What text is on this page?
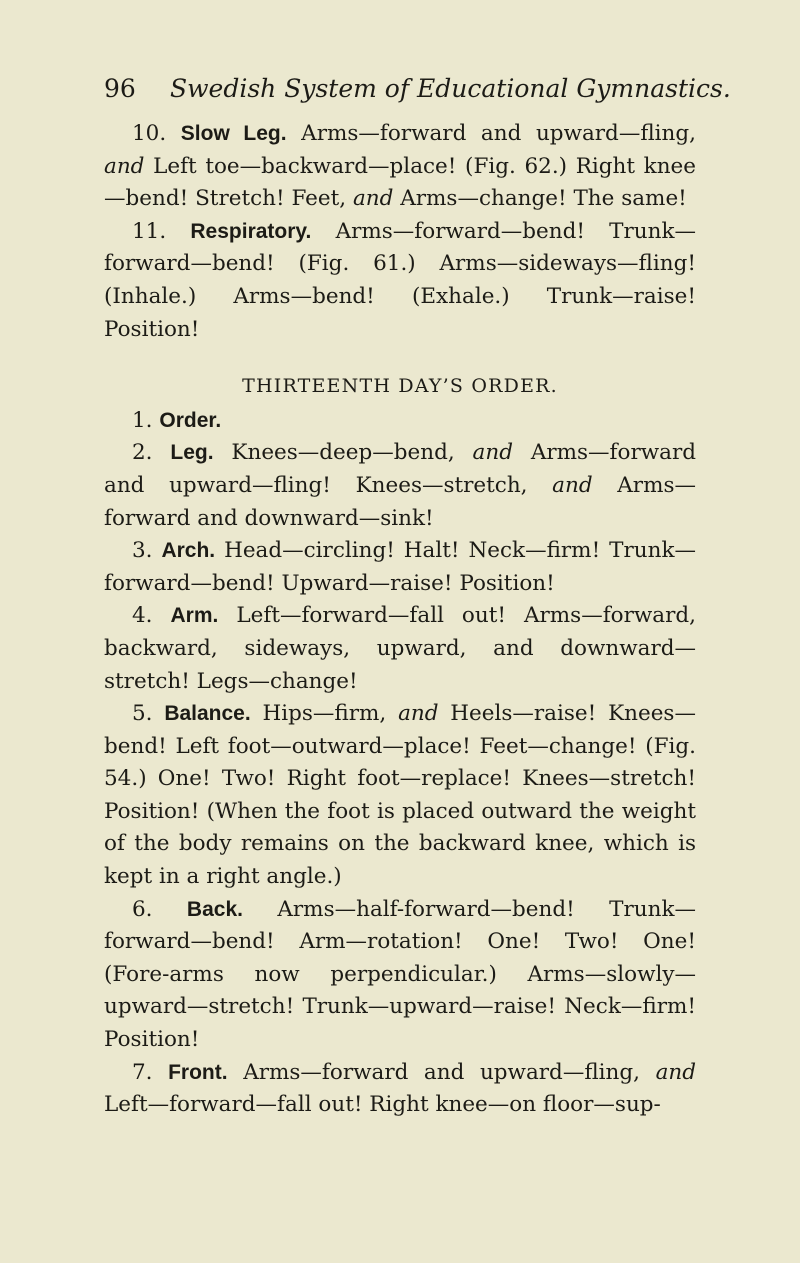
96 Swedish System of Educational Gymnastics.

10. Slow Leg. Arms—forward and upward—fling, and Left toe—backward—place! (Fig. 62.) Right knee—bend! Stretch! Feet, and Arms—change! The same!

11. Respiratory. Arms—forward—bend! Trunk—forward—bend! (Fig. 61.) Arms—sideways—fling! (Inhale.) Arms—bend! (Exhale.) Trunk—raise! Position!

THIRTEENTH DAY’S ORDER.

1. Order.

2. Leg. Knees—deep—bend, and Arms—forward and upward—fling! Knees—stretch, and Arms—forward and downward—sink!

3. Arch. Head—circling! Halt! Neck—firm! Trunk—forward—bend! Upward—raise! Position!

4. Arm. Left—forward—fall out! Arms—forward, backward, sideways, upward, and downward—stretch! Legs—change!

5. Balance. Hips—firm, and Heels—raise! Knees—bend! Left foot—outward—place! Feet—change! (Fig. 54.) One! Two! Right foot—replace! Knees—stretch! Position! (When the foot is placed outward the weight of the body remains on the backward knee, which is kept in a right angle.)

6. Back. Arms—half-forward—bend! Trunk—forward—bend! Arm—rotation! One! Two! One! (Fore-arms now perpendicular.) Arms—slowly—upward—stretch! Trunk—upward—raise! Neck—firm! Position!

7. Front. Arms—forward and upward—fling, and Left—forward—fall out! Right knee—on floor—sup-
